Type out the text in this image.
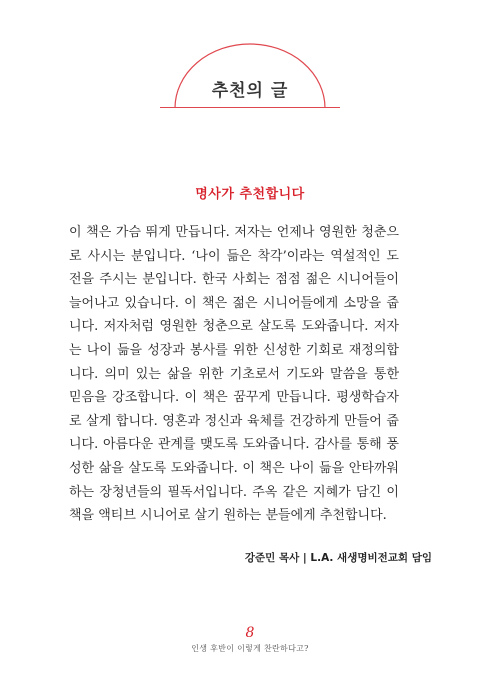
추천의 글
명사가 추천합니다

이 책은 가슴 뛰게 만듭니다. 저자는 언제나 영원한 청춘으로 사시는 분입니다. ‘나이 듦은 착각’이라는 역설적인 도전을 주시는 분입니다. 한국 사회는 점점 젊은 시니어들이 늘어나고 있습니다. 이 책은 젊은 시니어들에게 소망을 줍니다. 저자처럼 영원한 청춘으로 살도록 도와줍니다. 저자는 나이 듦을 성장과 봉사를 위한 신성한 기회로 재정의합니다. 의미 있는 삶을 위한 기초로서 기도와 말씀을 통한 믿음을 강조합니다. 이 책은 꿈꾸게 만듭니다. 평생학습자로 살게 합니다. 영혼과 정신과 육체를 건강하게 만들어 줍니다. 아름다운 관계를 맺도록 도와줍니다. 감사를 통해 풍성한 삶을 살도록 도와줍니다. 이 책은 나이 듦을 안타까워하는 장청년들의 필독서입니다. 주옥 같은 지혜가 담긴 이 책을 액티브 시니어로 살기 원하는 분들에게 추천합니다.

강준민 목사 | L.A. 새생명비전교회 담임
8
인생 후반이 이렇게 찬란하다고?
